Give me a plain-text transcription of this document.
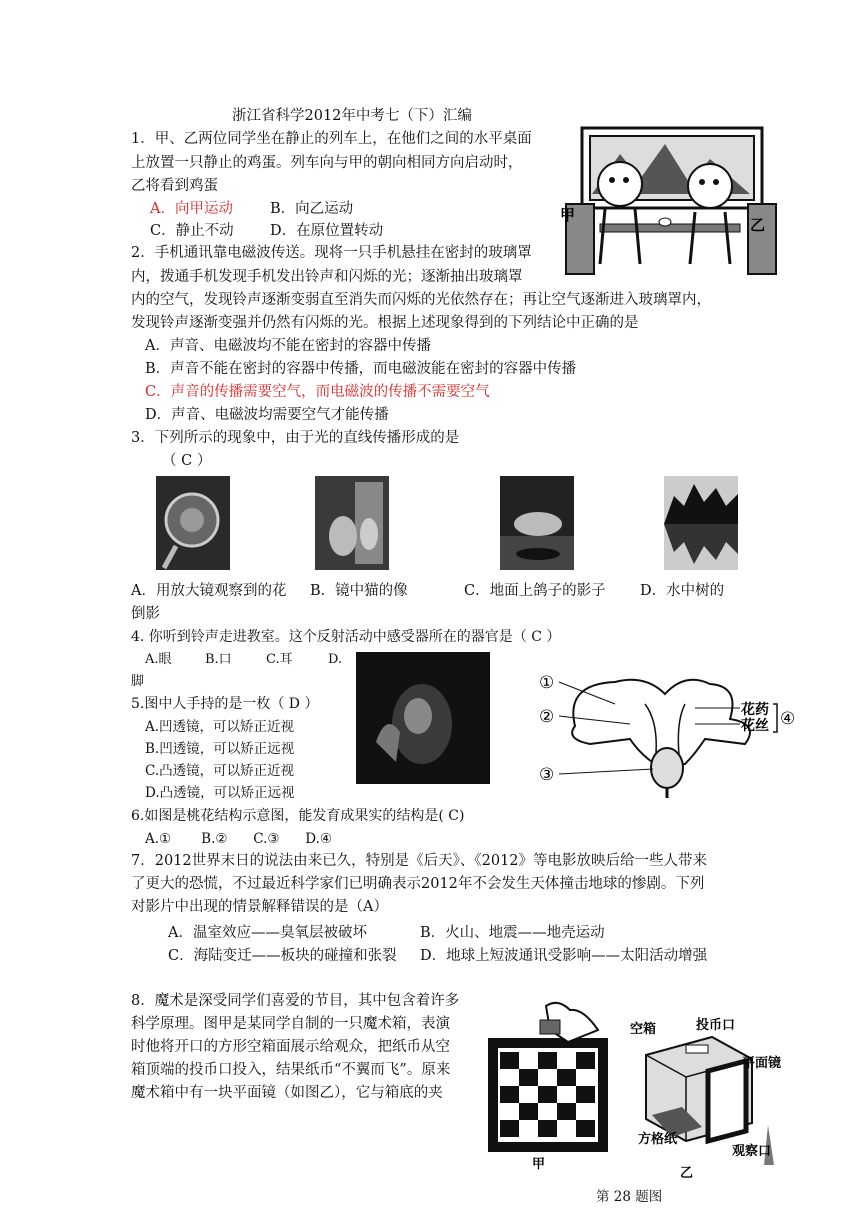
浙江省科学2012年中考七（下）汇编
1．甲、乙两位同学坐在静止的列车上，在他们之间的水平桌面
上放置一只静止的鸡蛋。列车向与甲的朝向相同方向启动时，
乙将看到鸡蛋
A．向甲运动	B．向乙运动
C．静止不动	D．在原位置转动
甲
乙
2．手机通讯靠电磁波传送。现将一只手机悬挂在密封的玻璃罩
内，拨通手机发现手机发出铃声和闪烁的光；逐渐抽出玻璃罩
内的空气，发现铃声逐渐变弱直至消失而闪烁的光依然存在；再让空气逐渐进入玻璃罩内，
发现铃声逐渐变强并仍然有闪烁的光。根据上述现象得到的下列结论中正确的是
A．声音、电磁波均不能在密封的容器中传播
B．声音不能在密封的容器中传播，而电磁波能在密封的容器中传播
C．声音的传播需要空气，而电磁波的传播不需要空气
D．声音、电磁波均需要空气才能传播
3．下列所示的现象中，由于光的直线传播形成的是
（ C ）
A．用放大镜观察到的花 B．镜中猫的像	C．地面上鸽子的影子 D．水中树的
倒影
4. 你听到铃声走进教室。这个反射活动中感受器所在的器官是（ C ）
A.眼	B.口	C.耳	D.
脚
5.图中人手持的是一枚（ D ）
A.凹透镜，可以矫正近视
B.凹透镜，可以矫正远视
C.凸透镜，可以矫正近视
D.凸透镜，可以矫正远视
①
②
③
花药
花丝 ④
6.如图是桃花结构示意图，能发育成果实的结构是( C)
A.①       B.②      C.③      D.④
7．2012世界末日的说法由来已久，特别是《后天》、《2012》等电影放映后给一些人带来
了更大的恐慌，不过最近科学家们已明确表示2012年不会发生天体撞击地球的惨剧。下列
对影片中出现的情景解释错误的是（A）
A．温室效应——臭氧层被破坏	B．火山、地震——地壳运动
C．海陆变迁——板块的碰撞和张裂 D．地球上短波通讯受影响——太阳活动增强
8．魔术是深受同学们喜爱的节目，其中包含着许多
科学原理。图甲是某同学自制的一只魔术箱，表演
时他将开口的方形空箱面展示给观众，把纸币从空
箱顶端的投币口投入，结果纸币“不翼而飞”。原来
魔术箱中有一块平面镜（如图乙），它与箱底的夹
甲
空箱	投币口
平面镜
方格纸
观察口
乙
第 28 题图
